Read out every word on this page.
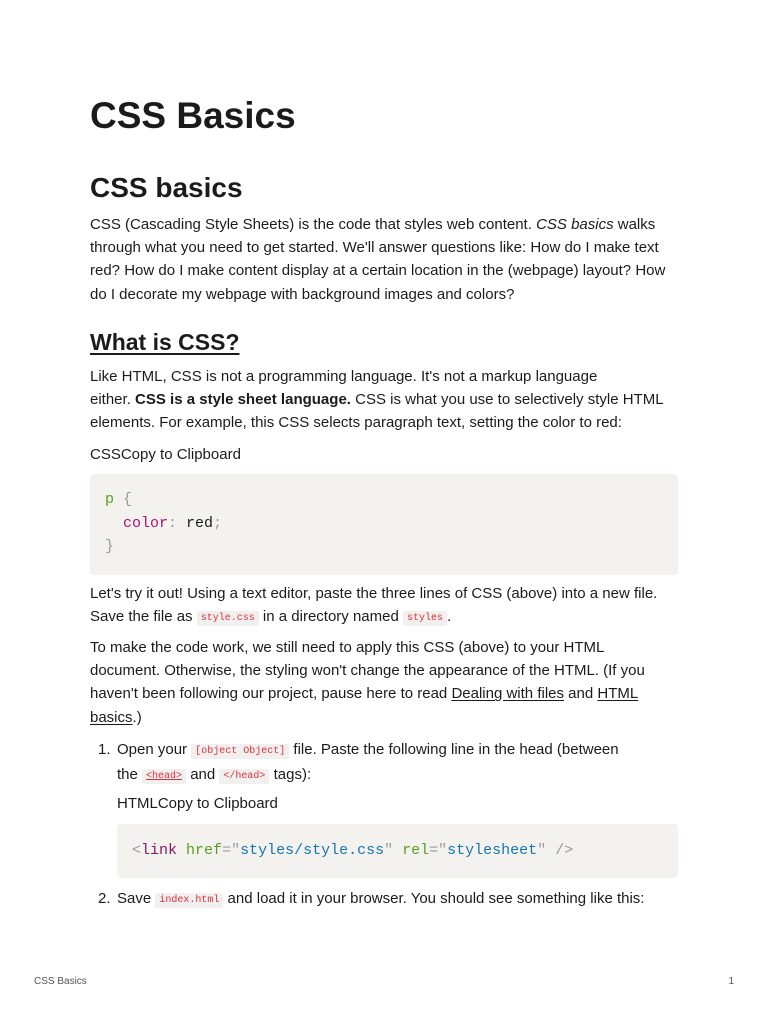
CSS Basics
CSS basics

CSS (Cascading Style Sheets) is the code that styles web content. CSS basics walks through what you need to get started. We'll answer questions like: How do I make text red? How do I make content display at a certain location in the (webpage) layout? How do I decorate my webpage with background images and colors?

What is CSS?

Like HTML, CSS is not a programming language. It's not a markup language
either. CSS is a style sheet language. CSS is what you use to selectively style HTML elements. For example, this CSS selects paragraph text, setting the color to red:

CSSCopy to Clipboard

p {
color: red;
}

Let's try it out! Using a text editor, paste the three lines of CSS (above) into a new file. Save the file as style.css in a directory named styles .

To make the code work, we still need to apply this CSS (above) to your HTML document. Otherwise, the styling won't change the appearance of the HTML. (If you haven't been following our project, pause here to read Dealing with files and HTML basics.)

1. Open your [object Object] file. Paste the following line in the head (between
the <head> and </head> tags):
HTMLCopy to Clipboard
<link href="styles/style.css" rel="stylesheet" />
2. Save index.html and load it in your browser. You should see something like this:
CSS Basics	1
